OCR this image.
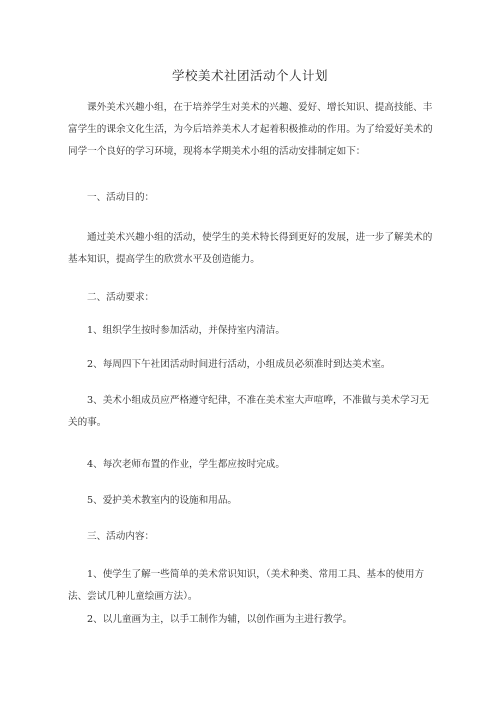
学校美术社团活动个人计划

课外美术兴趣小组，在于培养学生对美术的兴趣、爱好、增长知识、提高技能、丰
富学生的课余文化生活，为今后培养美术人才起着积极推动的作用。为了给爱好美术的
同学一个良好的学习环境，现将本学期美术小组的活动安排制定如下：

一、活动目的：

通过美术兴趣小组的活动，使学生的美术特长得到更好的发展，进一步了解美术的
基本知识，提高学生的欣赏水平及创造能力。

二、活动要求：

1、组织学生按时参加活动，并保持室内清洁。

2、每周四下午社团活动时间进行活动，小组成员必须准时到达美术室。

3、美术小组成员应严格遵守纪律，不准在美术室大声喧哗，不准做与美术学习无
关的事。

4、每次老师布置的作业，学生都应按时完成。

5、爱护美术教室内的设施和用品。

三、活动内容：

1、使学生了解一些简单的美术常识知识，（美术种类、常用工具、基本的使用方
法、尝试几种儿童绘画方法）。

2、以儿童画为主，以手工制作为辅，以创作画为主进行教学。
